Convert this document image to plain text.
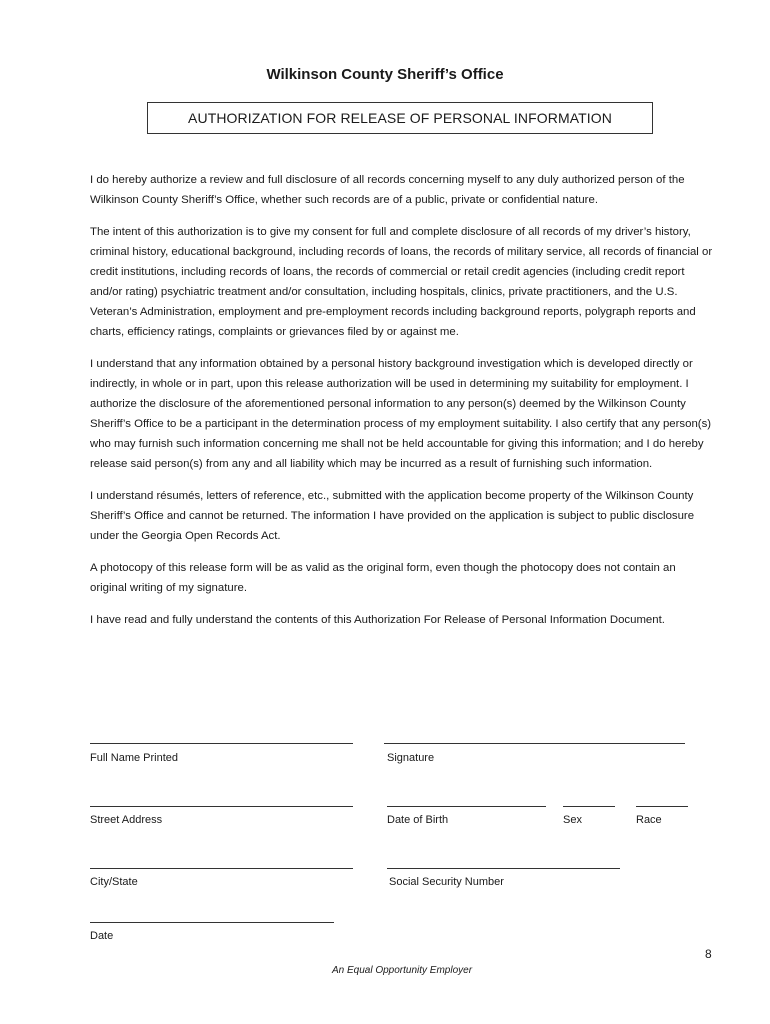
Wilkinson County Sheriff’s Office
AUTHORIZATION FOR RELEASE OF PERSONAL INFORMATION

I do hereby authorize a review and full disclosure of all records concerning myself to any duly authorized person of the Wilkinson County Sheriff’s Office, whether such records are of a public, private or confidential nature.

The intent of this authorization is to give my consent for full and complete disclosure of all records of my driver’s history, criminal history, educational background, including records of loans, the records of military service, all records of financial or credit institutions, including records of loans, the records of commercial or retail credit agencies (including credit report and/or rating) psychiatric treatment and/or consultation, including hospitals, clinics, private practitioners, and the U.S. Veteran’s Administration, employment and pre-employment records including background reports, polygraph reports and charts, efficiency ratings, complaints or grievances filed by or against me.

I understand that any information obtained by a personal history background investigation which is developed directly or indirectly, in whole or in part, upon this release authorization will be used in determining my suitability for employment. I authorize the disclosure of the aforementioned personal information to any person(s) deemed by the Wilkinson County Sheriff’s Office to be a participant in the determination process of my employment suitability. I also certify that any person(s) who may furnish such information concerning me shall not be held accountable for giving this information; and I do hereby release said person(s) from any and all liability which may be incurred as a result of furnishing such information.

I understand résumés, letters of reference, etc., submitted with the application become property of the Wilkinson County Sheriff’s Office and cannot be returned. The information I have provided on the application is subject to public disclosure under the Georgia Open Records Act.

A photocopy of this release form will be as valid as the original form, even though the photocopy does not contain an original writing of my signature.

I have read and fully understand the contents of this Authorization For Release of Personal Information Document.

Full Name Printed	Signature
Street Address	Date of Birth	Sex	Race
City/State	Social Security Number
Date
8
An Equal Opportunity Employer
